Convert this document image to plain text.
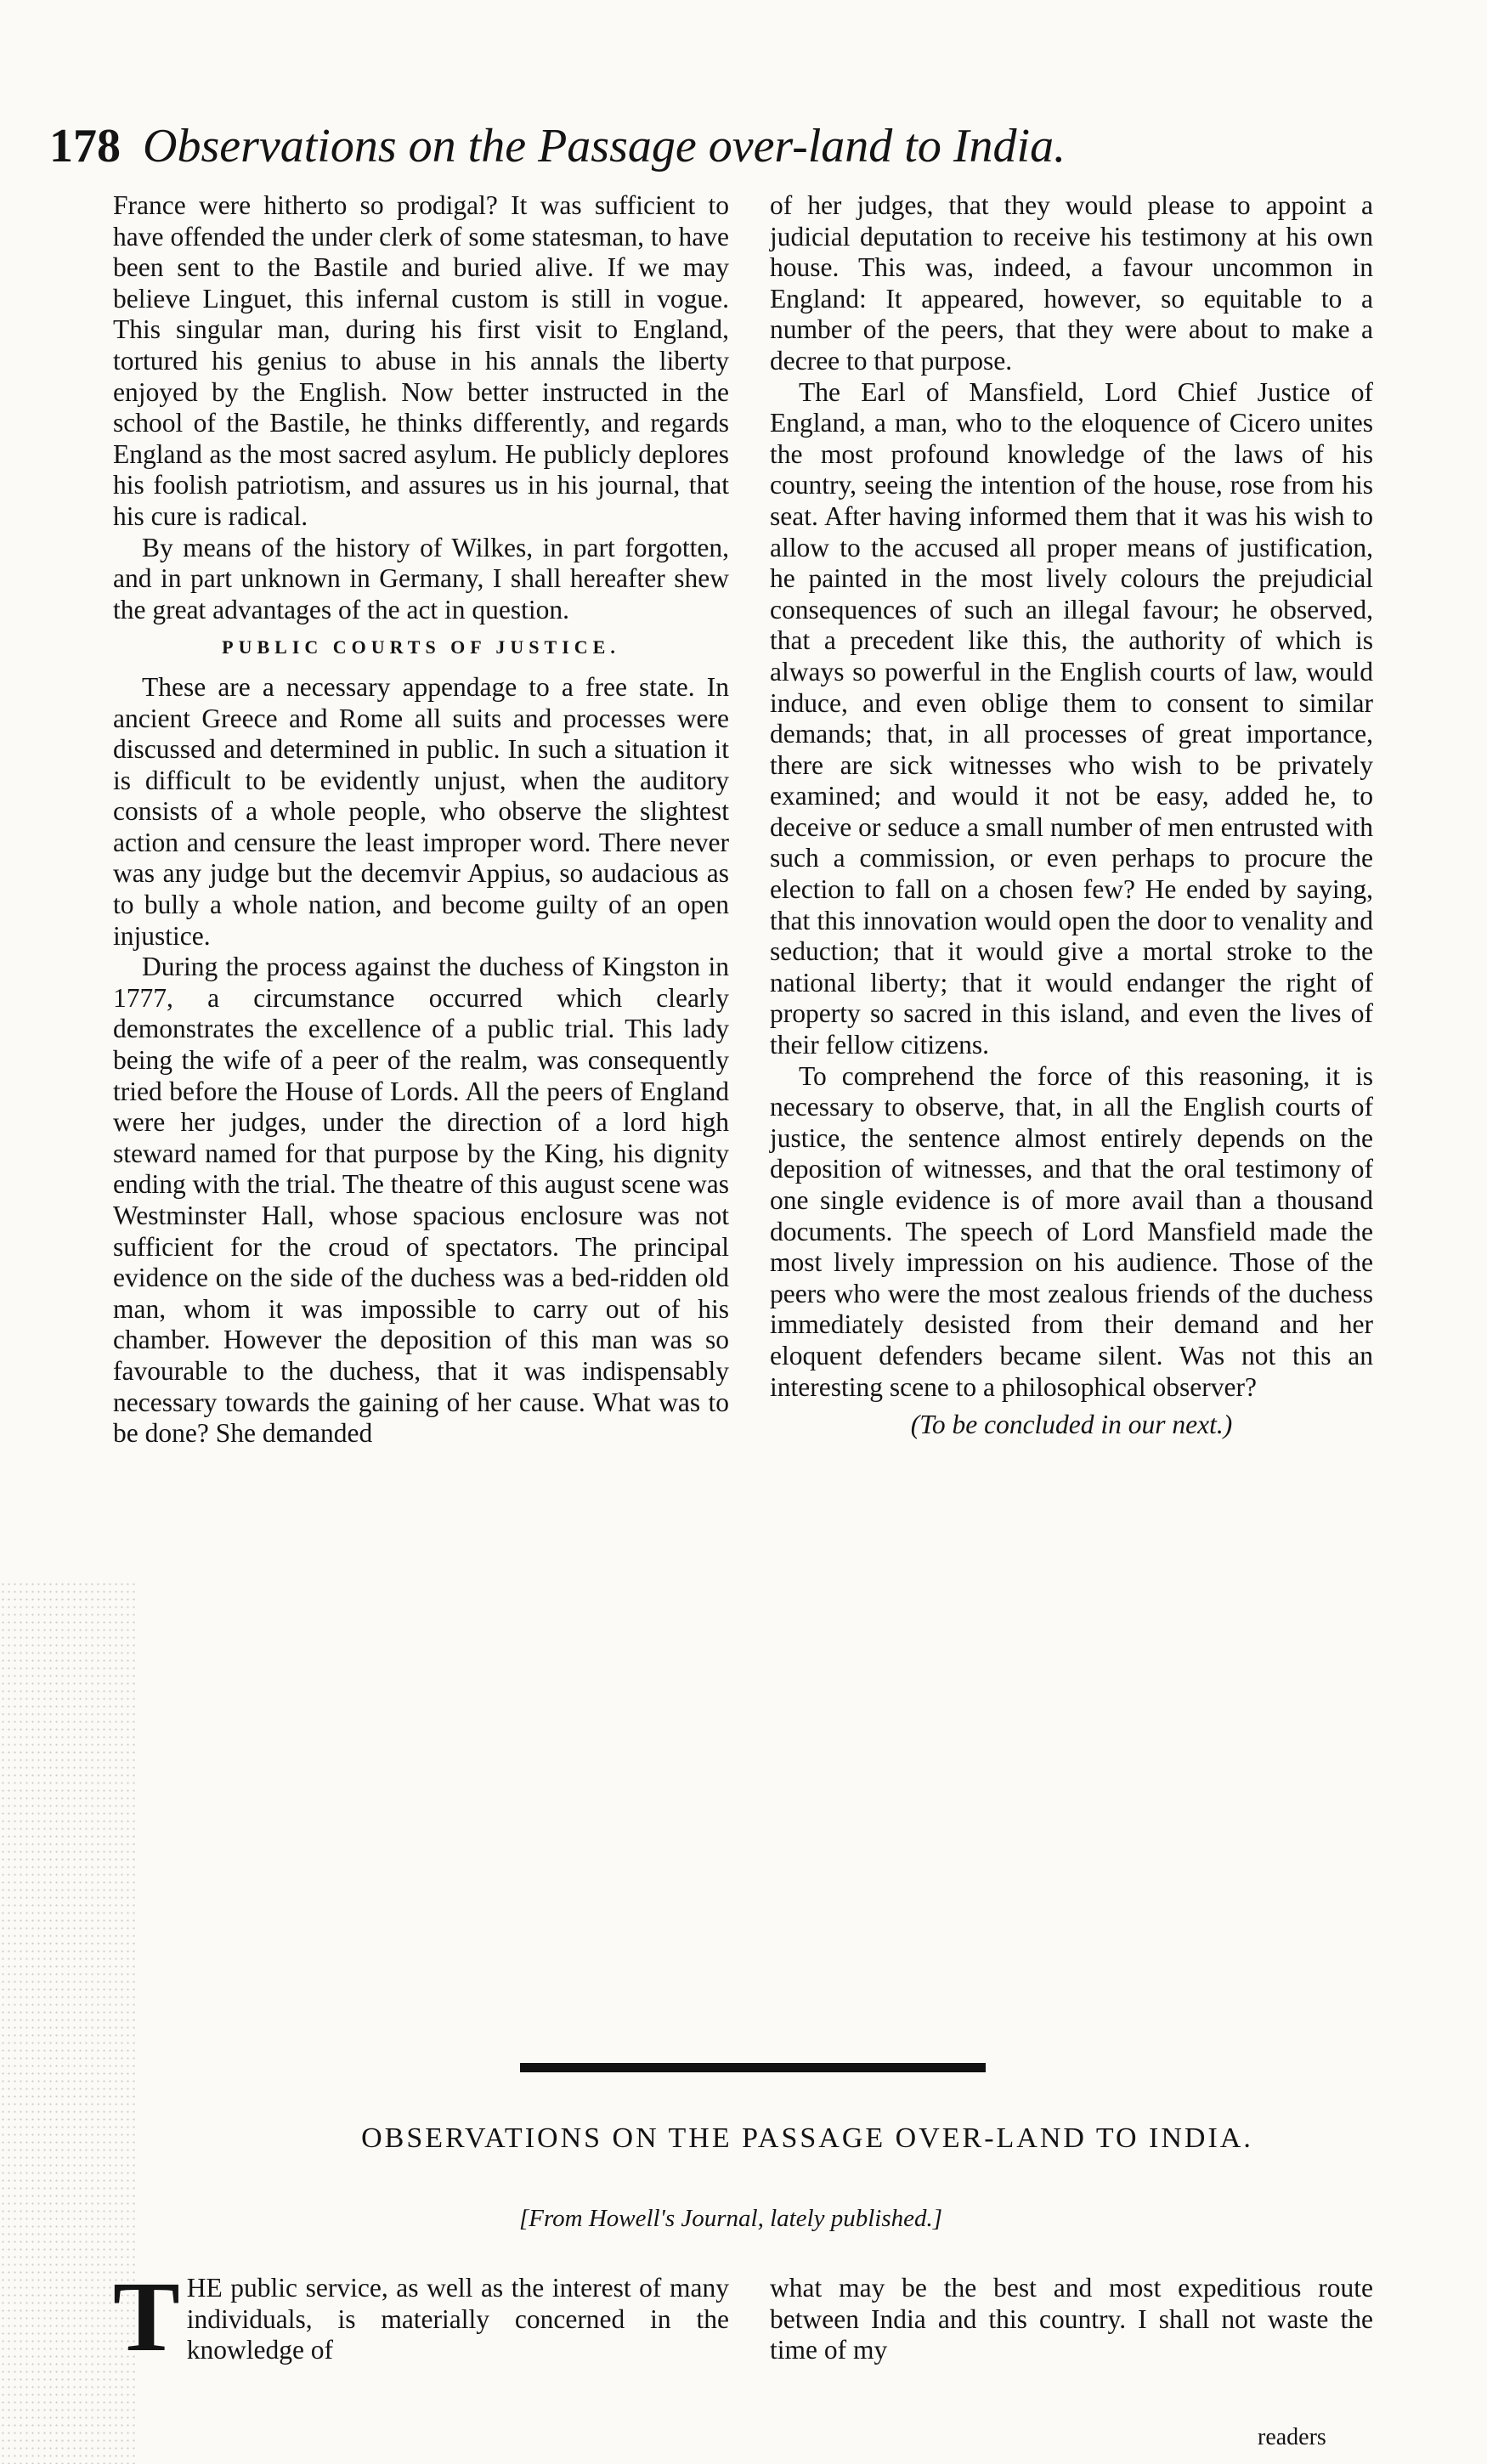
178 Observations on the Passage over-land to India.

France were hitherto so prodigal? It was sufficient to have offended the under clerk of some statesman, to have been sent to the Bastile and buried alive. If we may believe Linguet, this infernal custom is still in vogue. This singular man, during his first visit to England, tortured his genius to abuse in his annals the liberty enjoyed by the English. Now better instructed in the school of the Bastile, he thinks differently, and regards England as the most sacred asylum. He publicly deplores his foolish patriotism, and assures us in his journal, that his cure is radical.

By means of the history of Wilkes, in part forgotten, and in part unknown in Germany, I shall hereafter shew the great advantages of the act in question.

PUBLIC COURTS OF JUSTICE.

These are a necessary appendage to a free state. In ancient Greece and Rome all suits and processes were discussed and determined in public. In such a situation it is difficult to be evidently unjust, when the auditory consists of a whole people, who observe the slightest action and censure the least improper word. There never was any judge but the decemvir Appius, so audacious as to bully a whole nation, and become guilty of an open injustice.

During the process against the duchess of Kingston in 1777, a circumstance occurred which clearly demonstrates the excellence of a public trial. This lady being the wife of a peer of the realm, was consequently tried before the House of Lords. All the peers of England were her judges, under the direction of a lord high steward named for that purpose by the King, his dignity ending with the trial. The theatre of this august scene was Westminster Hall, whose spacious enclosure was not sufficient for the croud of spectators. The principal evidence on the side of the duchess was a bed-ridden old man, whom it was impossible to carry out of his chamber. However the deposition of this man was so favourable to the duchess, that it was indispensably necessary towards the gaining of her cause. What was to be done? She demanded

of her judges, that they would please to appoint a judicial deputation to receive his testimony at his own house. This was, indeed, a favour uncommon in England: It appeared, however, so equitable to a number of the peers, that they were about to make a decree to that purpose.

The Earl of Mansfield, Lord Chief Justice of England, a man, who to the eloquence of Cicero unites the most profound knowledge of the laws of his country, seeing the intention of the house, rose from his seat. After having informed them that it was his wish to allow to the accused all proper means of justification, he painted in the most lively colours the prejudicial consequences of such an illegal favour; he observed, that a precedent like this, the authority of which is always so powerful in the English courts of law, would induce, and even oblige them to consent to similar demands; that, in all processes of great importance, there are sick witnesses who wish to be privately examined; and would it not be easy, added he, to deceive or seduce a small number of men entrusted with such a commission, or even perhaps to procure the election to fall on a chosen few? He ended by saying, that this innovation would open the door to venality and seduction; that it would give a mortal stroke to the national liberty; that it would endanger the right of property so sacred in this island, and even the lives of their fellow citizens.

To comprehend the force of this reasoning, it is necessary to observe, that, in all the English courts of justice, the sentence almost entirely depends on the deposition of witnesses, and that the oral testimony of one single evidence is of more avail than a thousand documents. The speech of Lord Mansfield made the most lively impression on his audience. Those of the peers who were the most zealous friends of the duchess immediately desisted from their demand and her eloquent defenders became silent. Was not this an interesting scene to a philosophical observer?

(To be concluded in our next.)
OBSERVATIONS ON THE PASSAGE OVER-LAND TO INDIA.
[From Howell's Journal, lately published.]
THE public service, as well as the interest of many individuals, is materially concerned in the knowledge of
what may be the best and most expeditious route between India and this country. I shall not waste the time of my
readers
